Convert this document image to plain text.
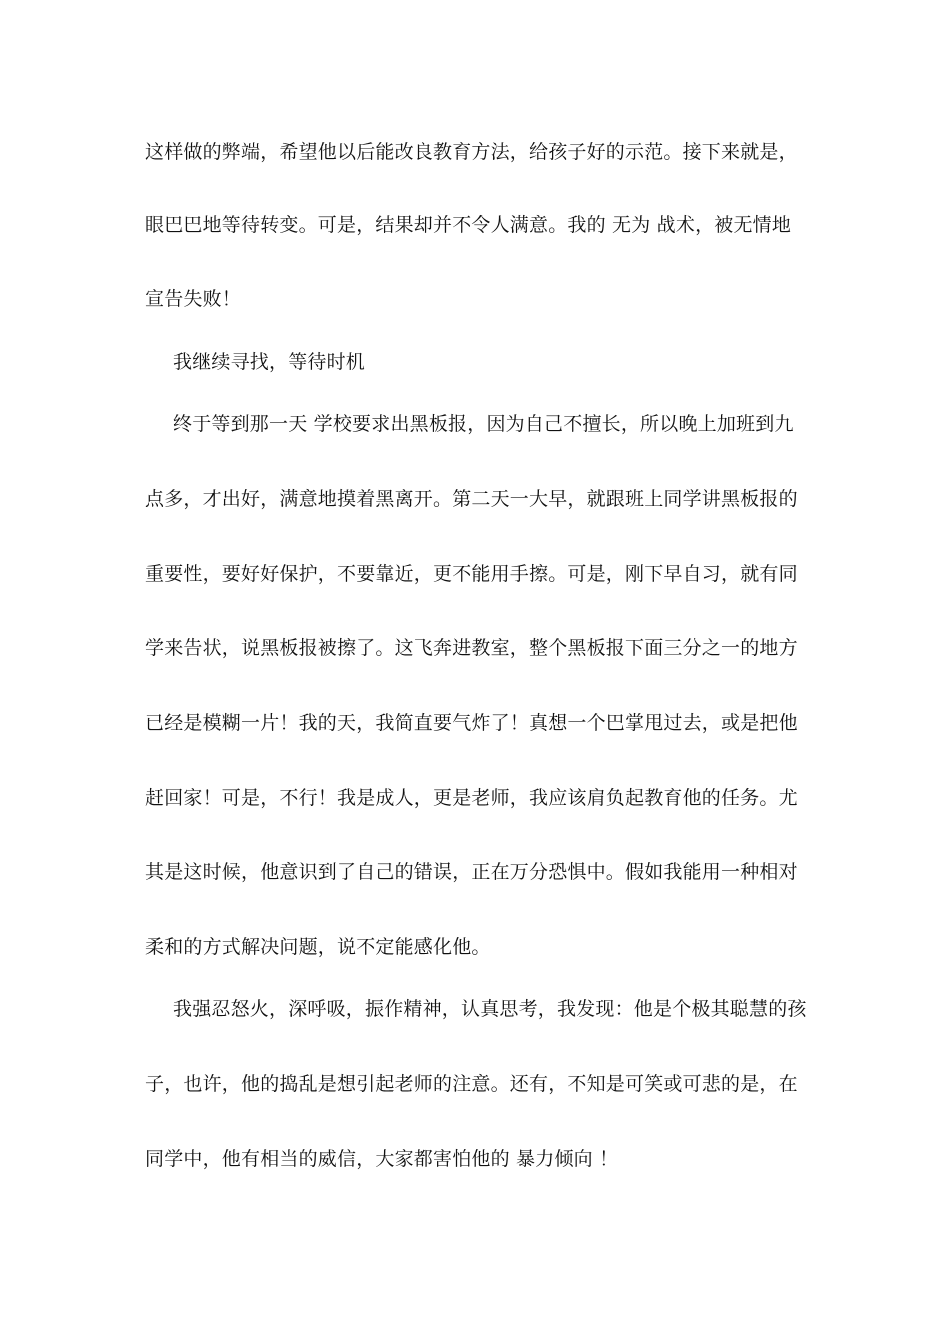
这样做的弊端，希望他以后能改良教育方法，给孩子好的示范。接下来就是，
眼巴巴地等待转变。可是，结果却并不令人满意。我的 无为 战术，被无情地
宣告失败！
我继续寻找，等待时机
终于等到那一天 学校要求出黑板报，因为自己不擅长，所以晚上加班到九
点多，才出好，满意地摸着黑离开。第二天一大早，就跟班上同学讲黑板报的
重要性，要好好保护，不要靠近，更不能用手擦。可是，刚下早自习，就有同
学来告状，说黑板报被擦了。这飞奔进教室，整个黑板报下面三分之一的地方
已经是模糊一片！我的天，我简直要气炸了！真想一个巴掌甩过去，或是把他
赶回家！可是，不行！我是成人，更是老师，我应该肩负起教育他的任务。尤
其是这时候，他意识到了自己的错误，正在万分恐惧中。假如我能用一种相对
柔和的方式解决问题，说不定能感化他。
我强忍怒火，深呼吸，振作精神，认真思考，我发现：他是个极其聪慧的孩
子，也许，他的捣乱是想引起老师的注意。还有，不知是可笑或可悲的是，在
同学中，他有相当的威信，大家都害怕他的 暴力倾向 ！
